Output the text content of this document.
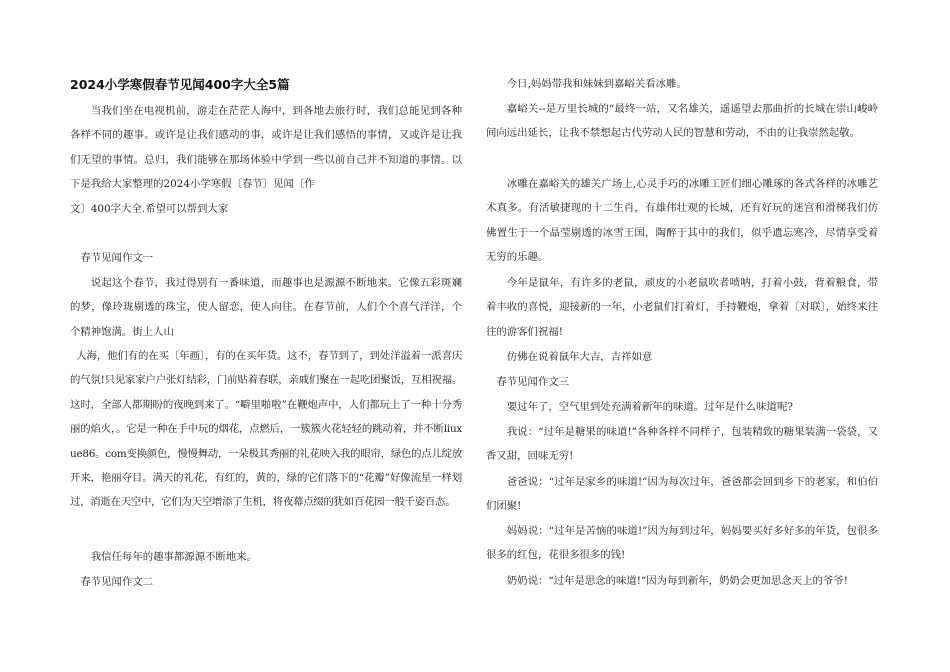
2024小学寒假春节见闻400字大全5篇

当我们坐在电视机前，游走在茫茫人海中，到各地去旅行时，我们总能见到各种各样不同的趣事。或许是让我们感动的事，或许是让我们感悟的事情，又或许是让我们无望的事情。总归，我们能够在那场体验中学到一些以前自己并不知道的事情。以下是我给大家整理的2024小学寒假〔春节〕见闻〔作

文〕400字大全.希望可以帮到大家

春节见闻作文一

说起这个春节，我过得别有一番味道，而趣事也是源源不断地来。它像五彩斑斓的梦，像玲珑剔透的珠宝，使人留恋，使人向往。在春节前，人们个个喜气洋洋，个个精神饱满。街上人山

人海，他们有的在买〔年画〕，有的在买年货。这不，春节到了，到处洋溢着一派喜庆的气氛!只见家家户户张灯结彩，门前贴着春联，亲戚们聚在一起吃团聚饭，互相祝福。这时，全部人都期盼的夜晚到来了。“噼里啪啦”在鞭炮声中，人们都玩上了一种十分秀丽的焰火，。它是一种在手中玩的烟花，点燃后，一簇簇火花轻轻的跳动着，并不断liuxue86。com变换颜色，慢慢舞动，一朵极其秀丽的礼花映入我的眼帘，绿色的点儿绽放开来，艳丽夺目。满天的礼花，有红的，黄的，绿的它们落下的“花瓣”好像流星一样划过，消逝在天空中，它们为天空增添了生机，将夜幕点缀的犹如百花园一般千姿百态。

我信任每年的趣事都源源不断地来。

春节见闻作文二

今日,妈妈带我和妹妹到嘉峪关看冰雕。

嘉峪关--是万里长城的“最终一站，又名雄关，遥遥望去那曲折的长城在崇山峻岭间向远出延长，让我不禁想起古代劳动人民的智慧和劳动，不由的让我崇然起敬。

冰雕在嘉峪关的雄关广场上,心灵手巧的冰雕工匠们细心雕琢的各式各样的冰雕艺术真多。有活敏捷现的十二生肖，有雄伟壮观的长城，还有好玩的迷宫和滑梯我们仿佛置生于一个晶莹剔透的冰雪王国，陶醉于其中的我们，似乎遗忘寒冷，尽情享受着无穷的乐趣。

今年是鼠年，有许多的老鼠，顽皮的小老鼠吹者喷呐，打着小鼓，背着粮食，带着丰收的喜悦，迎接新的一年，小老鼠们打着灯，手持鞭炮，拿着〔对联〕，始终来往往的游客们祝福!

仿佛在说着鼠年大吉，吉祥如意

春节见闻作文三

要过年了，空气里到处充满着新年的味道。过年是什么味道呢?

我说：“过年是糖果的味道!”各种各样不同样子，包装精致的糖果装满一袋袋，又香又甜，回味无穷!

爸爸说：“过年是家乡的味道!”因为每次过年，爸爸都会回到乡下的老家，和伯伯们团聚!

妈妈说：“过年是苦恼的味道!”因为每到过年，妈妈要买好多好多的年货，包很多很多的红包，花很多很多的钱!

奶奶说：“过年是思念的味道!”因为每到新年，奶奶会更加思念天上的爷爷!
